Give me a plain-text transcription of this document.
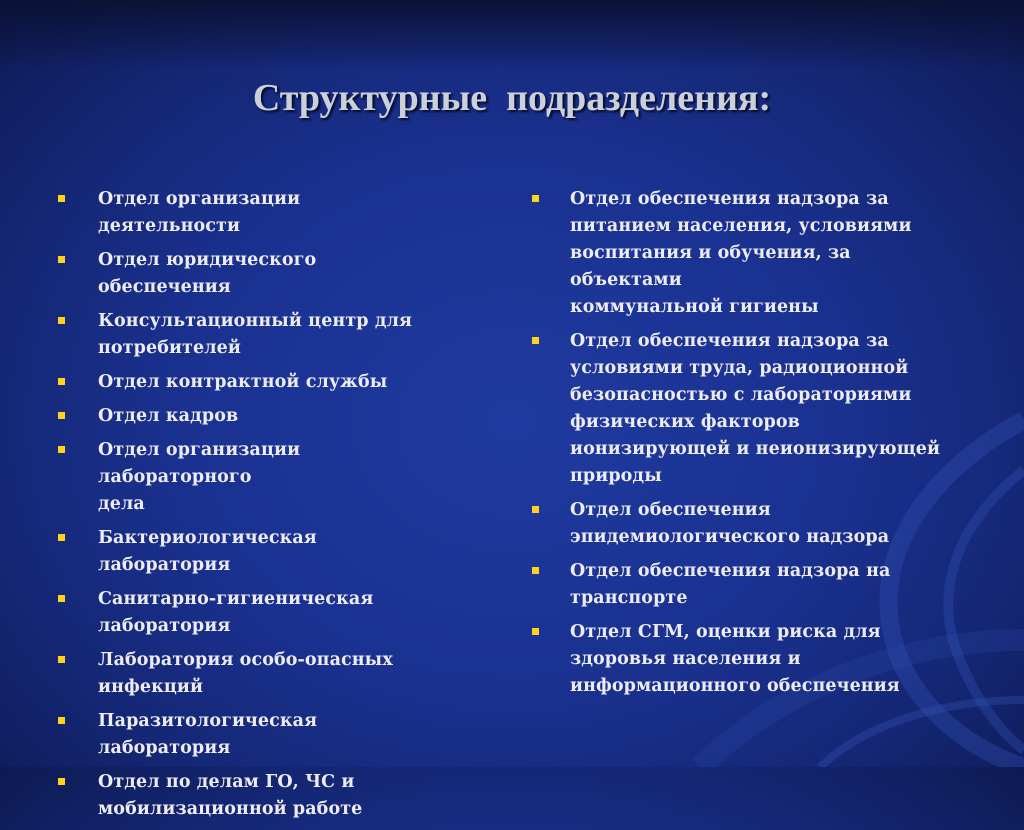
Структурные  подразделения:
Отдел организации деятельности
Отдел юридического обеспечения
Консультационный центр для
потребителей
Отдел контрактной службы
Отдел кадров
Отдел организации лабораторного
дела
Бактериологическая лаборатория
Санитарно-гигиеническая
лаборатория
Лаборатория особо-опасных
инфекций
Паразитологическая лаборатория
Отдел по делам ГО, ЧС и
мобилизационной работе
Отдел обеспечения надзора за
питанием населения, условиями
воспитания и обучения, за объектами
коммунальной гигиены
Отдел обеспечения надзора за
условиями труда, радиоционной
безопасностью с лабораториями
физических факторов
ионизирующей и неионизирующей
природы
Отдел обеспечения
эпидемиологического надзора
Отдел обеспечения надзора на
транспорте
Отдел СГМ, оценки риска для
здоровья населения и
информационного обеспечения
